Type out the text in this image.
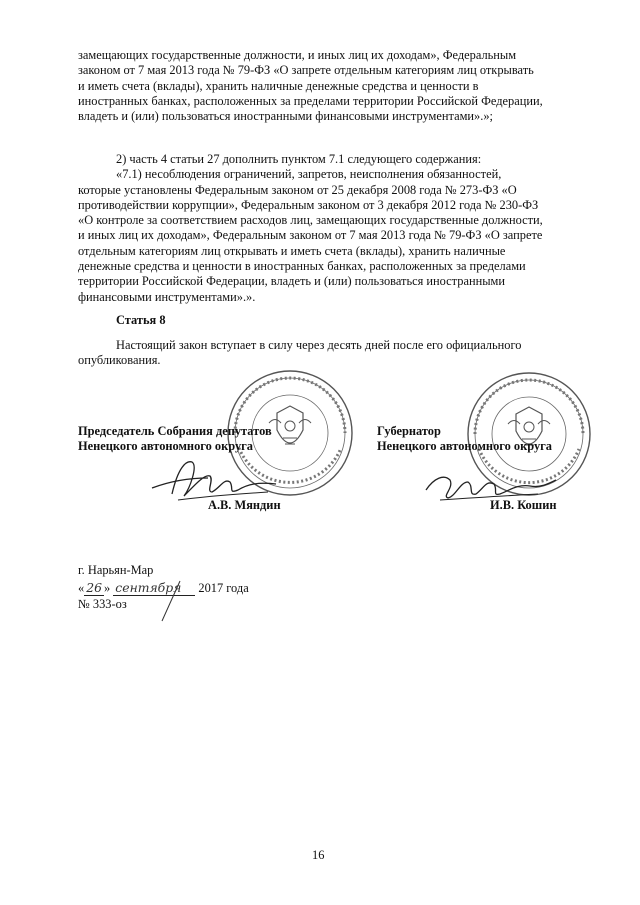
замещающих государственные должности, и иных лиц их доходам», Федеральным
законом от 7 мая 2013 года № 79-ФЗ «О запрете отдельным категориям лиц открывать
и иметь счета (вклады), хранить наличные денежные средства и ценности в
иностранных банках, расположенных за пределами территории Российской Федерации,
владеть и (или) пользоваться иностранными финансовыми инструментами».»;
2) часть 4 статьи 27 дополнить пунктом 7.1 следующего содержания:
«7.1) несоблюдения ограничений, запретов, неисполнения обязанностей,
которые установлены Федеральным законом от 25 декабря 2008 года № 273-ФЗ «О
противодействии коррупции», Федеральным законом от 3 декабря 2012 года № 230-ФЗ
«О контроле за соответствием расходов лиц, замещающих государственные должности,
и иных лиц их доходам», Федеральным законом от 7 мая 2013 года № 79-ФЗ «О запрете
отдельным категориям лиц открывать и иметь счета (вклады), хранить наличные
денежные средства и ценности в иностранных банках, расположенных за пределами
территории Российской Федерации, владеть и (или) пользоваться иностранными
финансовыми инструментами».».
Статья 8
Настоящий закон вступает в силу через десять дней после его официального
опубликования.
Председатель Собрания депутатов
Ненецкого автономного округа
Губернатор
Ненецкого автономного округа
А.В. Мяндин	И.В. Кошин
г. Нарьян-Мар
« 26 » сентября 2017 года
№ 333-оз
16
